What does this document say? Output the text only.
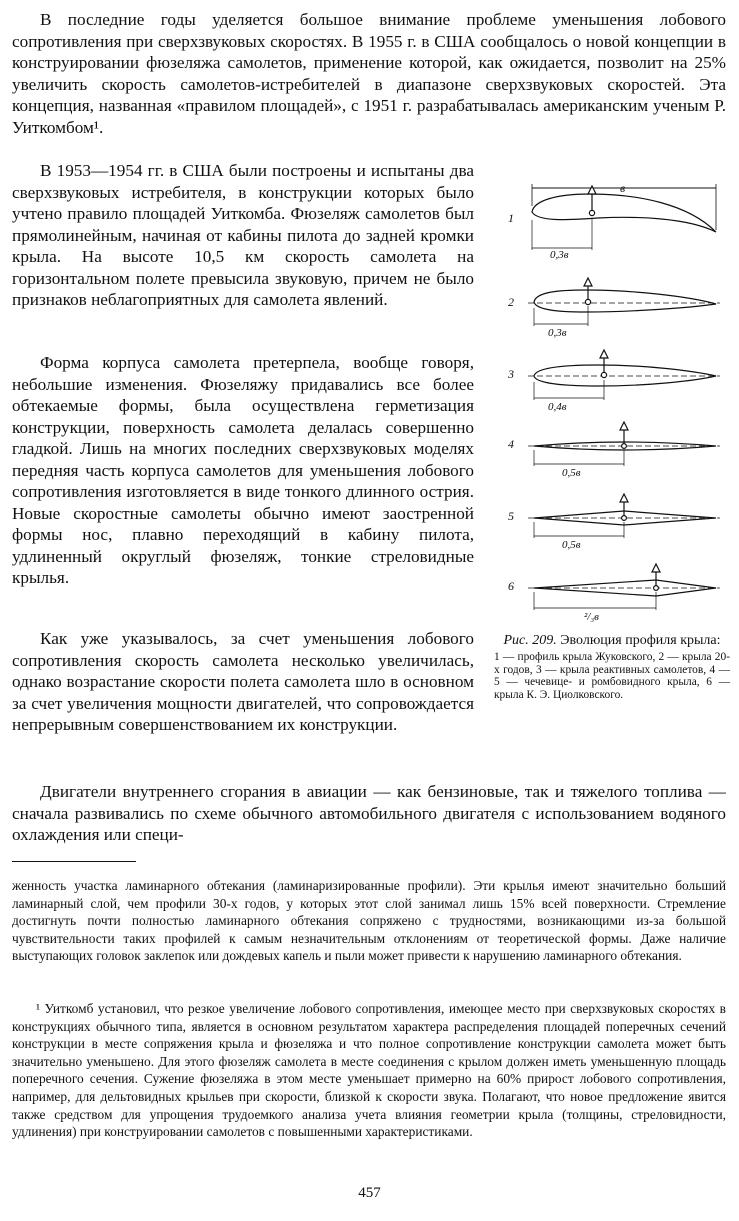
В последние годы уделяется большое внимание проблеме уменьшения лобового сопротивления при сверхзвуковых скоростях. В 1955 г. в США сообщалось о новой концепции в конструировании фюзеляжа самолетов, применение которой, как ожидается, позволит на 25% увеличить скорость самолетов-истребителей в диапазоне сверхзвуковых скоростей. Эта концепция, названная «правилом площадей», с 1951 г. разрабатывалась американским ученым Р. Уиткомбом¹.

В 1953—1954 гг. в США были построены и испытаны два сверхзвуковых истребителя, в конструкции которых было учтено правило площадей Уиткомба. Фюзеляж самолетов был прямолинейным, начиная от кабины пилота до задней кромки крыла. На высоте 10,5 км скорость самолета на горизонтальном полете превысила звуковую, причем не было признаков неблагоприятных для самолета явлений.

Форма корпуса самолета претерпела, вообще говоря, небольшие изменения. Фюзеляжу придавались все более обтекаемые формы, была осуществлена герметизация конструкции, поверхность самолета делалась совершенно гладкой. Лишь на многих последних сверхзвуковых моделях передняя часть корпуса самолетов для уменьшения лобового сопротивления изготовляется в виде тонкого длинного острия. Новые скоростные самолеты обычно имеют заостренной формы нос, плавно переходящий в кабину пилота, удлиненный округлый фюзеляж, тонкие стреловидные крылья.

Как уже указывалось, за счет уменьшения лобового сопротивления скорость самолета несколько увеличилась, однако возрастание скорости полета самолета шло в основном за счет увеличения мощности двигателей, что сопровождается непрерывным совершенствованием их конструкции.

Двигатели внутреннего сгорания в авиации — как бензиновые, так и тяжелого топлива — сначала развивались по схеме обычного автомобильного двигателя с использованием водяного охлаждения или специ-

1
в
0,3в
2
0,3в
3
0,4в
4
0,5в
5
0,5в
6
²/₃в
Рис. 209. Эволюция профиля крыла:
1 — профиль крыла Жуковского, 2 — крыла 20-х годов, 3 — крыла реактивных самолетов, 4 — 5 — чечевице- и ромбовидного крыла, 6 — крыла К. Э. Циолковского.

женность участка ламинарного обтекания (ламинаризированные профили). Эти крылья имеют значительно больший ламинарный слой, чем профили 30-х годов, у которых этот слой занимал лишь 15% всей поверхности. Стремление достигнуть почти полностью ламинарного обтекания сопряжено с трудностями, возникающими из-за большой чувствительности таких профилей к самым незначительным отклонениям от теоретической формы. Даже наличие выступающих головок заклепок или дождевых капель и пыли может привести к нарушению ламинарного обтекания.

¹ Уиткомб установил, что резкое увеличение лобового сопротивления, имеющее место при сверхзвуковых скоростях в конструкциях обычного типа, является в основном результатом характера распределения площадей поперечных сечений конструкции в месте сопряжения крыла и фюзеляжа и что полное сопротивление конструкции самолета может быть значительно уменьшено. Для этого фюзеляж самолета в месте соединения с крылом должен иметь уменьшенную площадь поперечного сечения. Сужение фюзеляжа в этом месте уменьшает примерно на 60% прирост лобового сопротивления, например, для дельтовидных крыльев при скорости, близкой к скорости звука. Полагают, что новое предложение явится также средством для упрощения трудоемкого анализа учета влияния геометрии крыла (толщины, стреловидности, удлинения) при конструировании самолетов с повышенными характеристиками.

457
